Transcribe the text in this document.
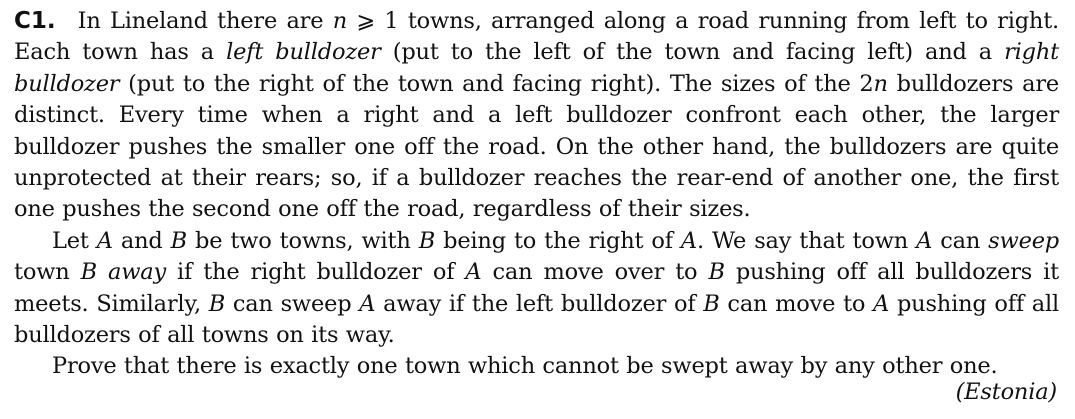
C1. In Lineland there are n ⩾ 1 towns, arranged along a road running from left to right. Each town has a left bulldozer (put to the left of the town and facing left) and a right bulldozer (put to the right of the town and facing right). The sizes of the 2n bulldozers are distinct. Every time when a right and a left bulldozer confront each other, the larger bulldozer pushes the smaller one off the road. On the other hand, the bulldozers are quite unprotected at their rears; so, if a bulldozer reaches the rear-end of another one, the first one pushes the second one off the road, regardless of their sizes.

Let A and B be two towns, with B being to the right of A. We say that town A can sweep town B away if the right bulldozer of A can move over to B pushing off all bulldozers it meets. Similarly, B can sweep A away if the left bulldozer of B can move to A pushing off all bulldozers of all towns on its way.

Prove that there is exactly one town which cannot be swept away by any other one.

(Estonia)
